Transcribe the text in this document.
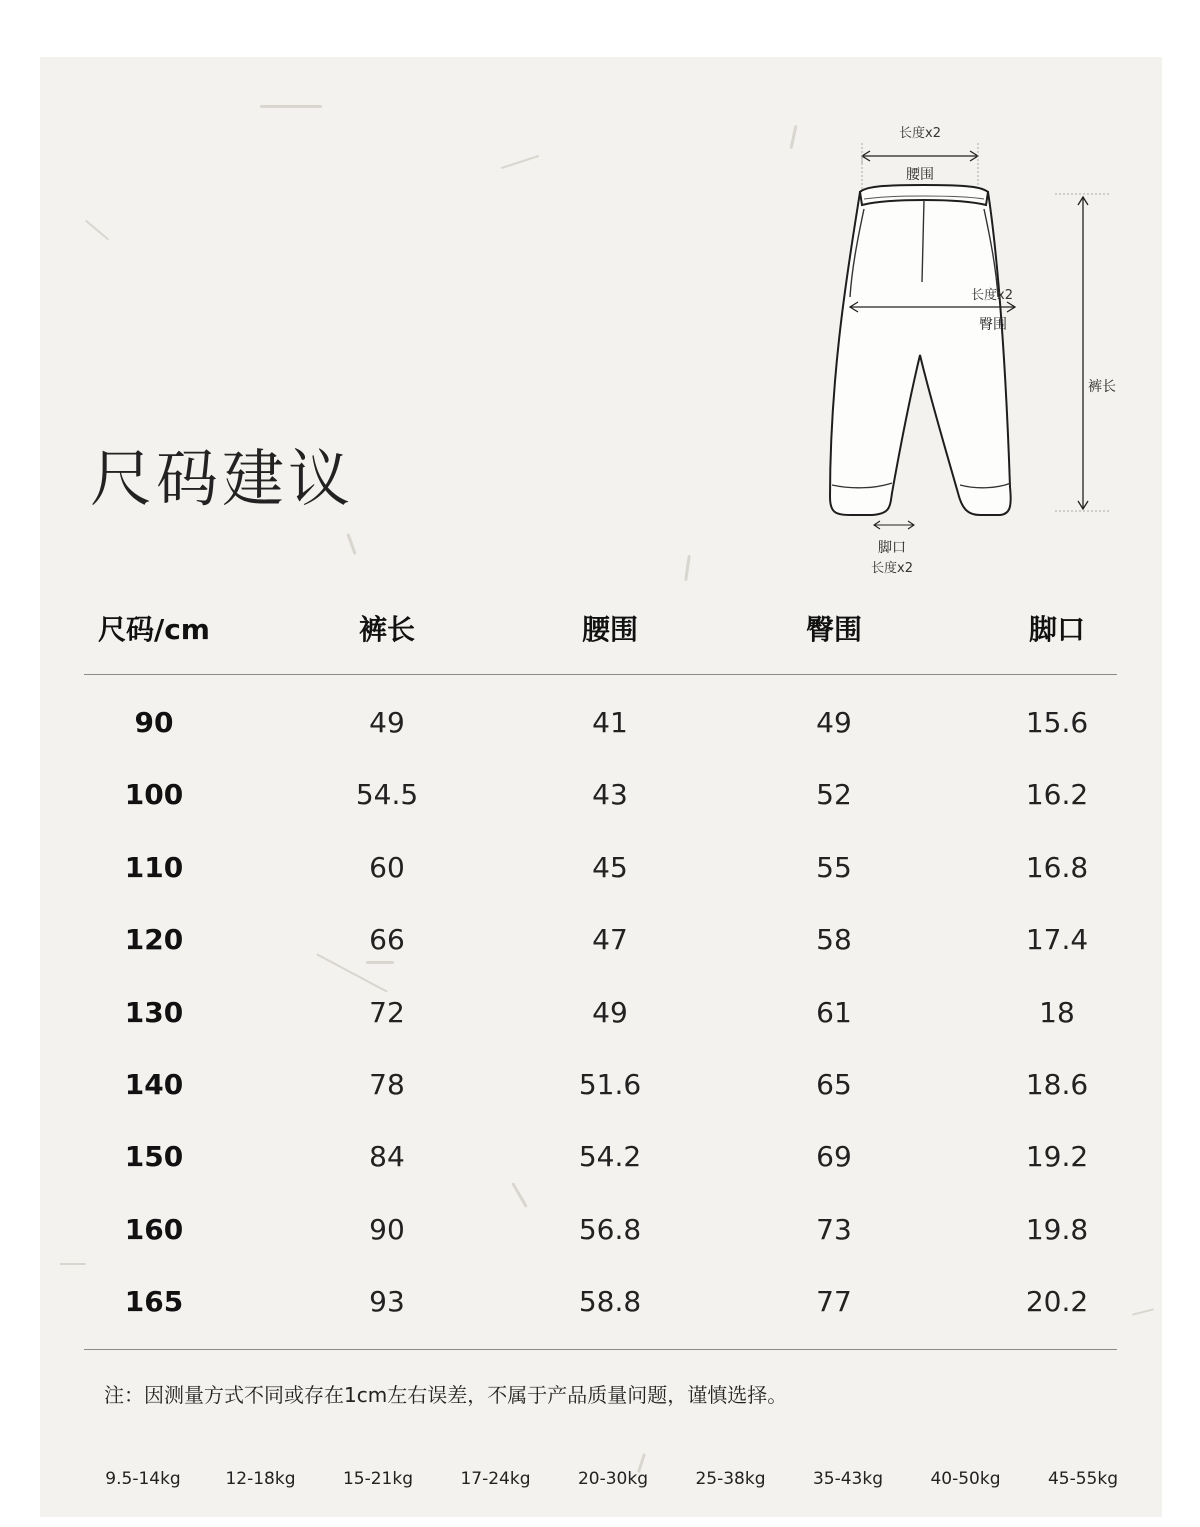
尺码建议
长度x2
腰围
长度x2
臀围
裤长
脚口
长度x2
尺码/cm	裤长	腰围	臀围	脚口
90	49	41	49	15.6
100	54.5	43	52	16.2
110	60	45	55	16.8
120	66	47	58	17.4
130	72	49	61	18
140	78	51.6	65	18.6
150	84	54.2	69	19.2
160	90	56.8	73	19.8
165	93	58.8	77	20.2
注：因测量方式不同或存在1cm左右误差，不属于产品质量问题，谨慎选择。
9.5-14kg	12-18kg	15-21kg	17-24kg	20-30kg	25-38kg	35-43kg	40-50kg	45-55kg
